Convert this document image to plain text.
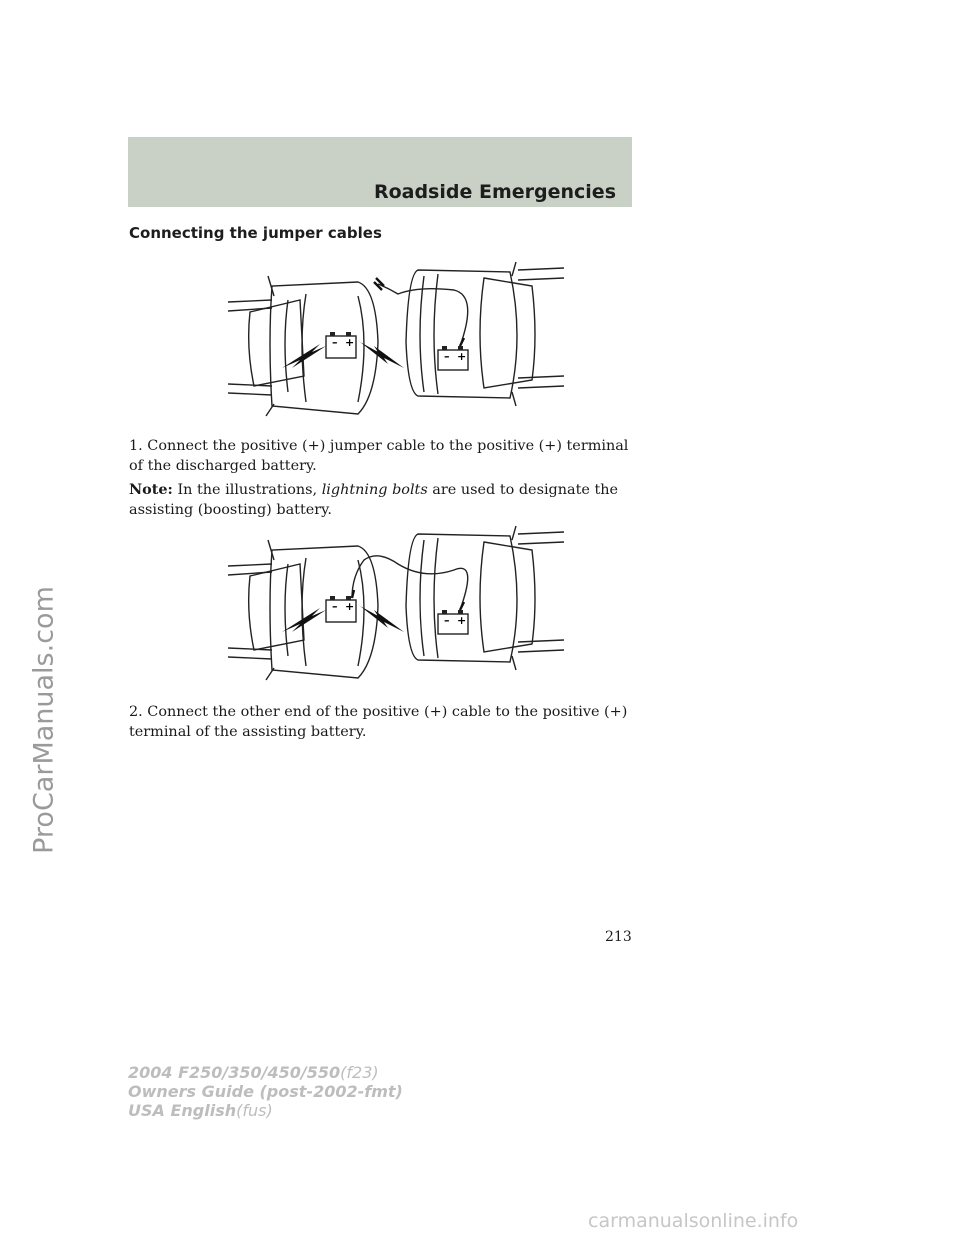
Roadside Emergencies
Connecting the jumper cables
– +
– +

1. Connect the positive (+) jumper cable to the positive (+) terminal of the discharged battery.

Note: In the illustrations, lightning bolts are used to designate the assisting (boosting) battery.

– +
– +

2. Connect the other end of the positive (+) cable to the positive (+) terminal of the assisting battery.

213

2004 F250/350/450/550(f23)
Owners Guide (post-2002-fmt)
USA English(fus)
ProCarManuals.com
carmanualsonline.info
